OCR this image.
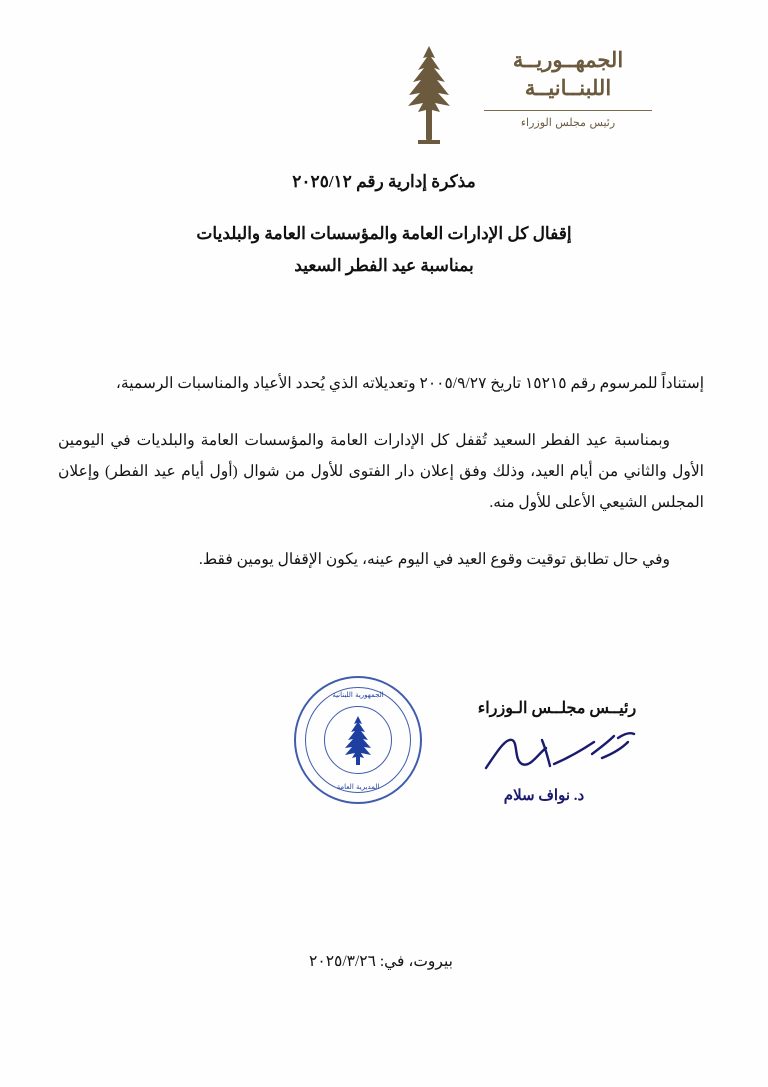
الجمهــوريــة
اللبنــانيــة
رئيس مجلس الوزراء
مذكرة إدارية رقم ٢٠٢٥/١٢
إقفال كل الإدارات العامة والمؤسسات العامة والبلديات
بمناسبة عيد الفطر السعيد

إستناداً للمرسوم رقم ١٥٢١٥ تاريخ ٢٠٠٥/٩/٢٧ وتعديلاته الذي يُحدد الأعياد والمناسبات الرسمية،

وبمناسبة عيد الفطر السعيد تُقفل كل الإدارات العامة والمؤسسات العامة والبلديات في اليومين الأول والثاني من أيام العيد، وذلك وفق إعلان دار الفتوى للأول من شوال (أول أيام عيد الفطر) وإعلان المجلس الشيعي الأعلى للأول منه.

وفي حال تطابق توقيت وقوع العيد في اليوم عينه، يكون الإقفال يومين فقط.

بيروت، في: ٢٠٢٥/٣/٢٦
رئيــس مجلــس الـوزراء
د. نواف سلام
الجمهورية اللبنانية
المديرية العامة
